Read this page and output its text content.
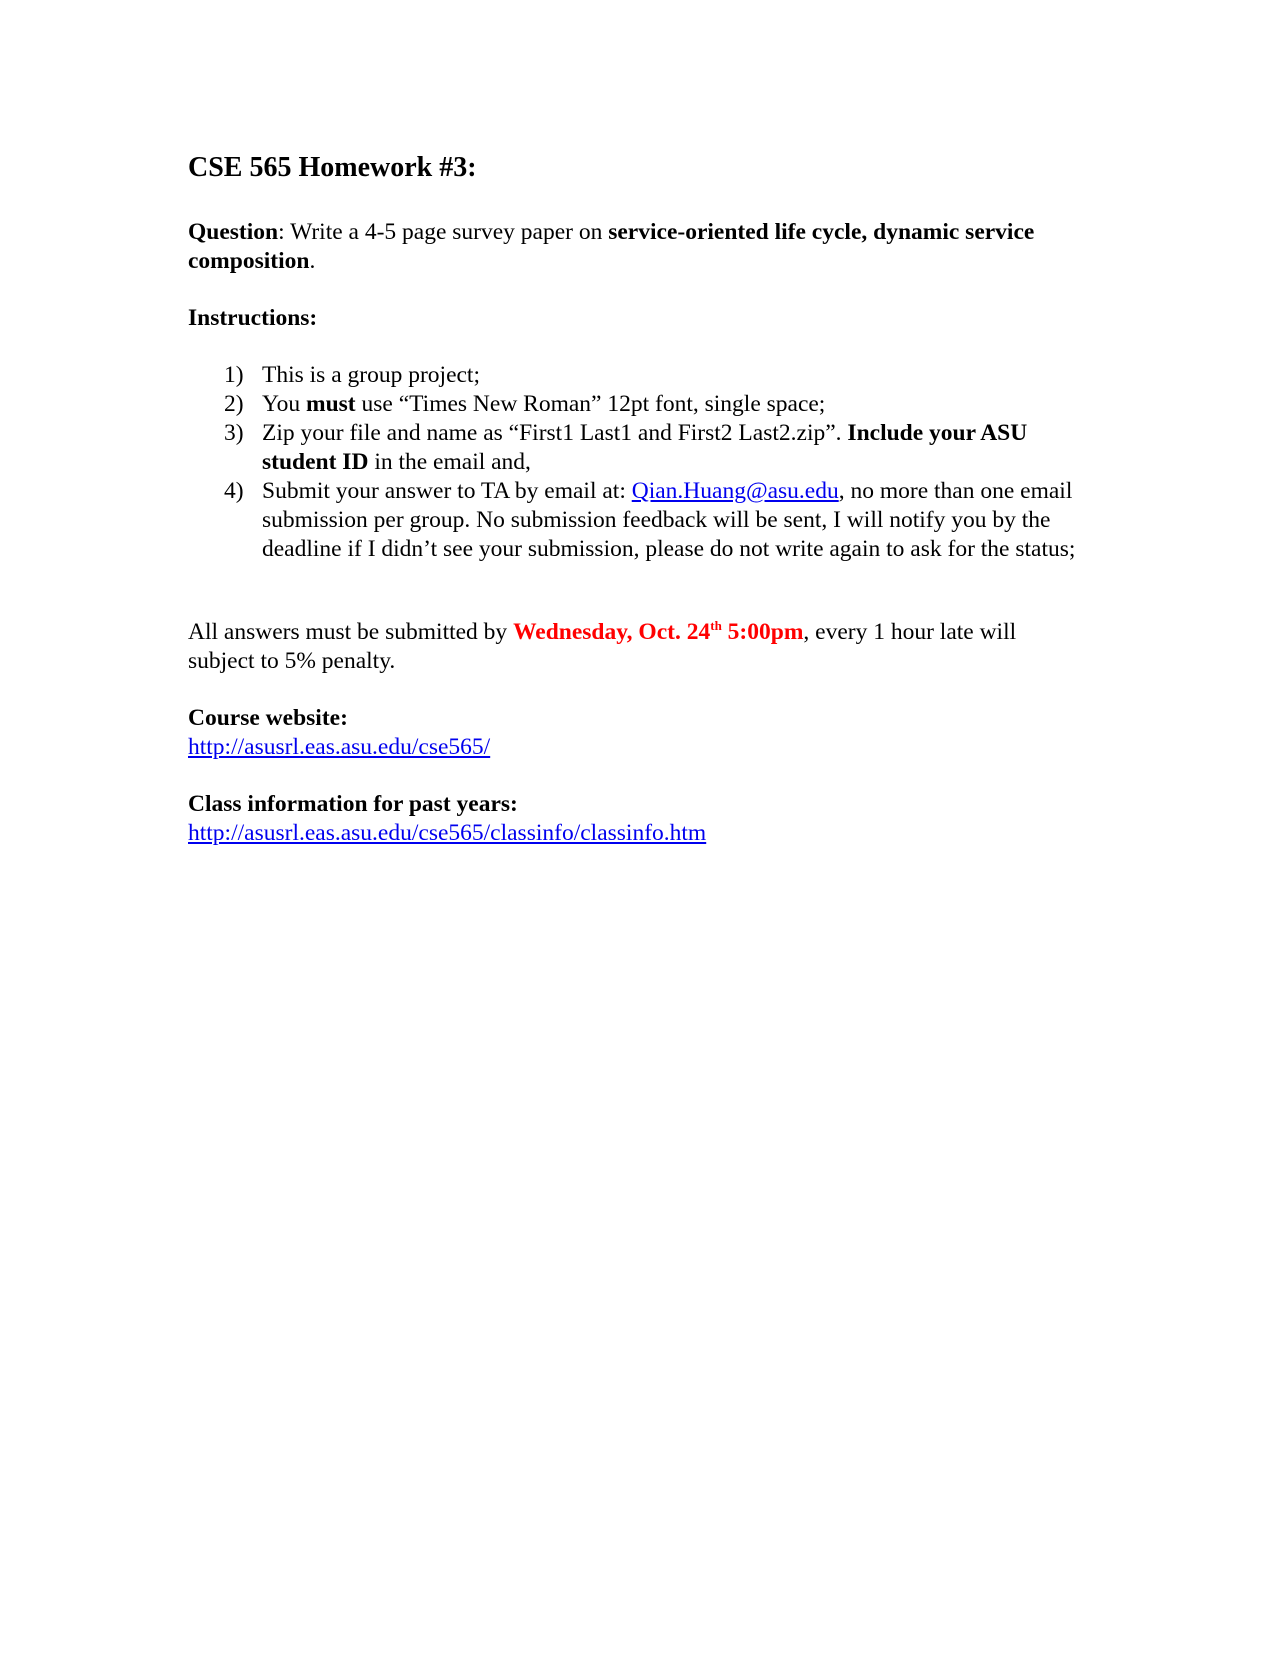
CSE 565 Homework #3:
Question: Write a 4-5 page survey paper on service-oriented life cycle, dynamic service composition.
Instructions:
1) This is a group project;
2) You must use “Times New Roman” 12pt font, single space;
3) Zip your file and name as “First1 Last1 and First2 Last2.zip”. Include your ASU student ID in the email and,
4) Submit your answer to TA by email at: Qian.Huang@asu.edu, no more than one email submission per group. No submission feedback will be sent, I will notify you by the deadline if I didn’t see your submission, please do not write again to ask for the status;
All answers must be submitted by Wednesday, Oct. 24th 5:00pm, every 1 hour late will subject to 5% penalty.
Course website:
http://asusrl.eas.asu.edu/cse565/
Class information for past years:
http://asusrl.eas.asu.edu/cse565/classinfo/classinfo.htm
